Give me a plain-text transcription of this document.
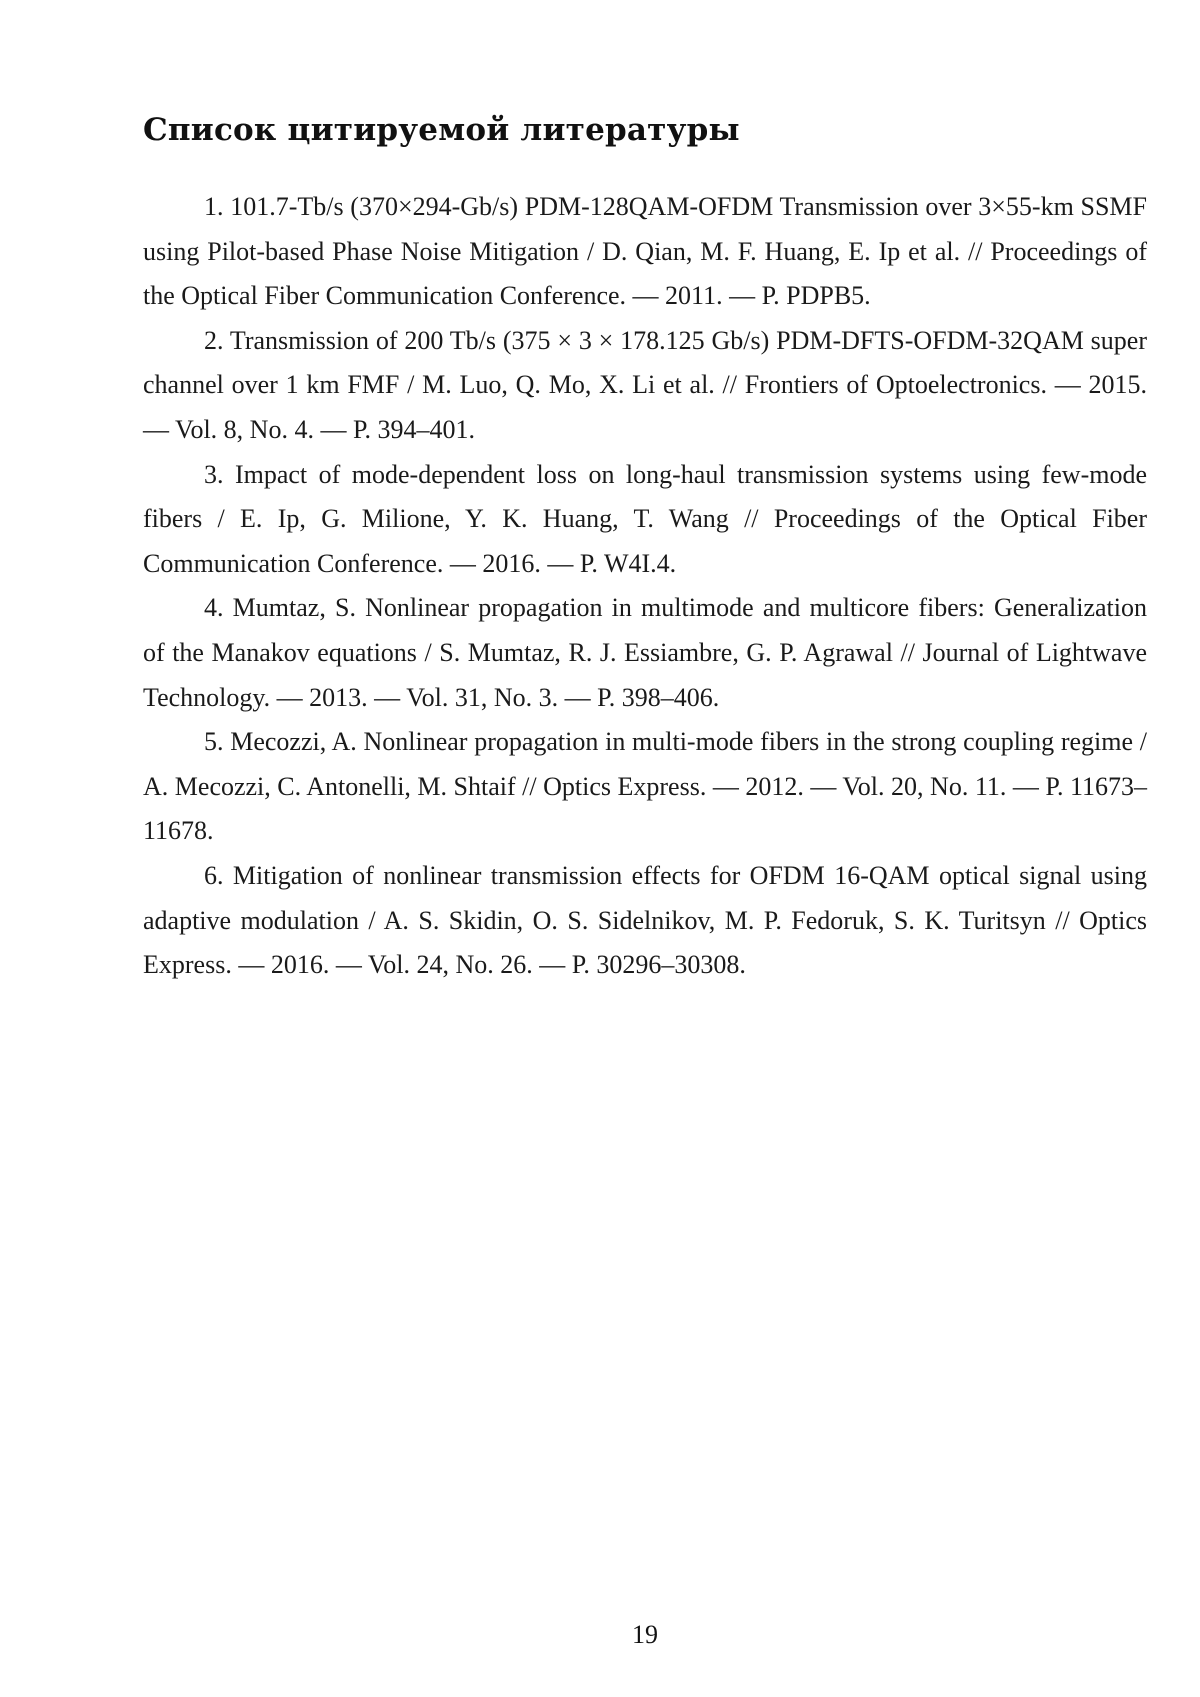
Список цитируемой литературы
1. 101.7-Tb/s (370×294-Gb/s) PDM-128QAM-OFDM Transmission over 3×55-km SSMF using Pilot-based Phase Noise Mitigation / D. Qian, M. F. Huang, E. Ip et al. // Proceedings of the Optical Fiber Communication Conference. — 2011. — P. PDPB5.
2. Transmission of 200 Tb/s (375 × 3 × 178.125 Gb/s) PDM-DFTS-OFDM-32QAM super channel over 1 km FMF / M. Luo, Q. Mo, X. Li et al. // Frontiers of Optoelectronics. — 2015. — Vol. 8, No. 4. — P. 394–401.
3. Impact of mode-dependent loss on long-haul transmission systems using few-mode fibers / E. Ip, G. Milione, Y. K. Huang, T. Wang // Proceedings of the Optical Fiber Communication Conference. — 2016. — P. W4I.4.
4. Mumtaz, S. Nonlinear propagation in multimode and multicore fibers: Generalization of the Manakov equations / S. Mumtaz, R. J. Essiambre, G. P. Agrawal // Journal of Lightwave Technology. — 2013. — Vol. 31, No. 3. — P. 398–406.
5. Mecozzi, A. Nonlinear propagation in multi-mode fibers in the strong coupling regime / A. Mecozzi, C. Antonelli, M. Shtaif // Optics Express. — 2012. — Vol. 20, No. 11. — P. 11673–11678.
6. Mitigation of nonlinear transmission effects for OFDM 16-QAM optical signal using adaptive modulation / A. S. Skidin, O. S. Sidelnikov, M. P. Fedoruk, S. K. Turitsyn // Optics Express. — 2016. — Vol. 24, No. 26. — P. 30296–30308.
19
